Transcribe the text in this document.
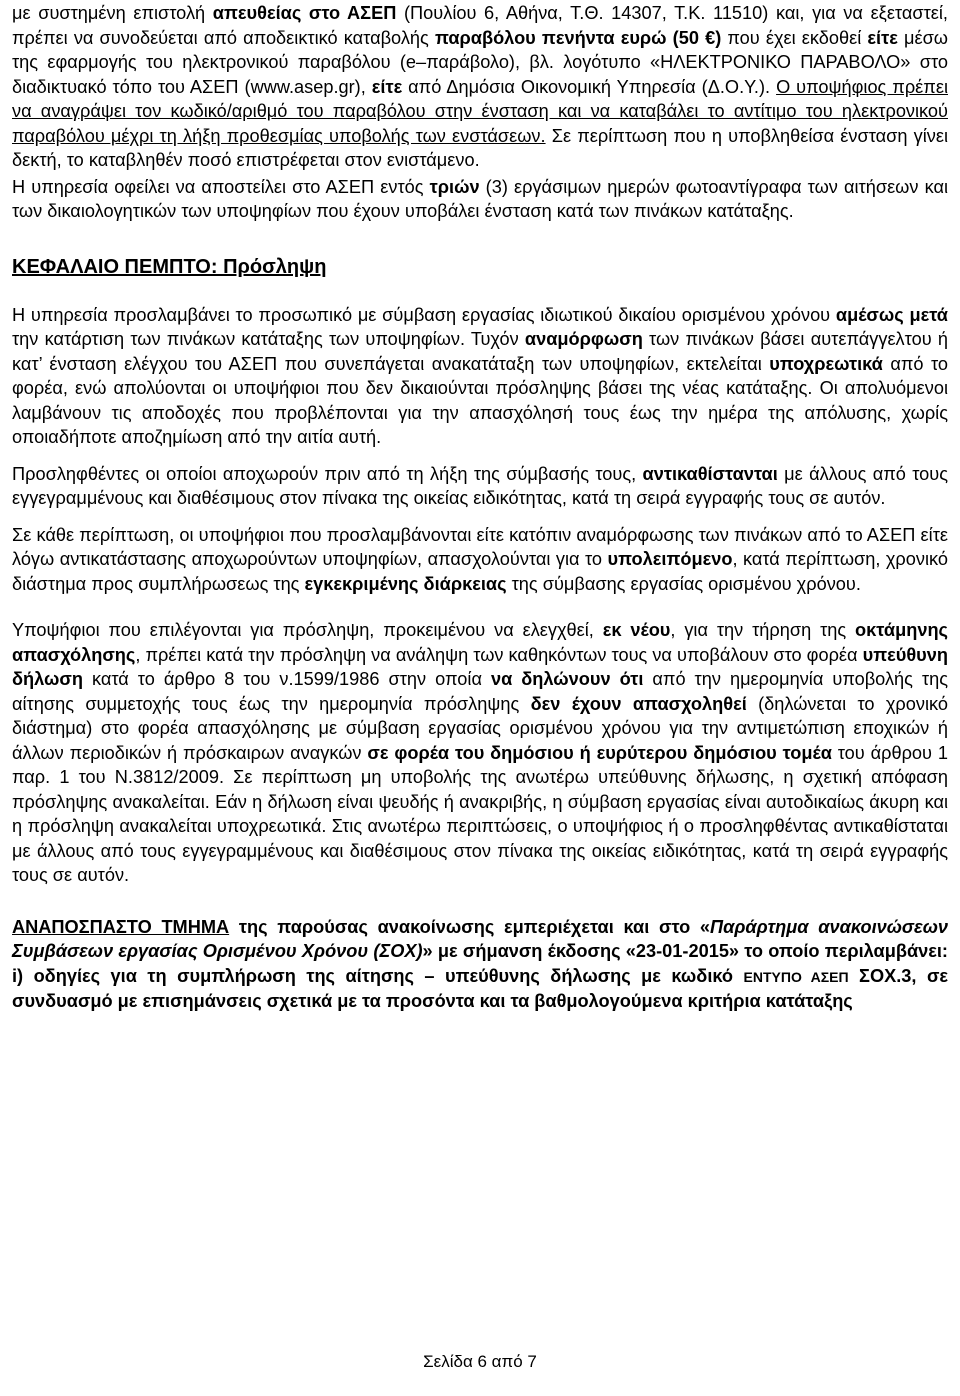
με συστημένη επιστολή απευθείας στο ΑΣΕΠ (Πουλίου 6, Αθήνα, Τ.Θ. 14307, Τ.Κ. 11510) και, για να εξεταστεί, πρέπει να συνοδεύεται από αποδεικτικό καταβολής παραβόλου πενήντα ευρώ (50 €) που έχει εκδοθεί είτε μέσω της εφαρμογής του ηλεκτρονικού παραβόλου (e–παράβολο), βλ. λογότυπο «ΗΛΕΚΤΡΟΝΙΚΟ ΠΑΡΑΒΟΛΟ» στο διαδικτυακό τόπο του ΑΣΕΠ (www.asep.gr), είτε από Δημόσια Οικονομική Υπηρεσία (Δ.Ο.Υ.). Ο υποψήφιος πρέπει να αναγράψει τον κωδικό/αριθμό του παραβόλου στην ένσταση και να καταβάλει το αντίτιμο του ηλεκτρονικού παραβόλου μέχρι τη λήξη προθεσμίας υποβολής των ενστάσεων. Σε περίπτωση που η υποβληθείσα ένσταση γίνει δεκτή, το καταβληθέν ποσό επιστρέφεται στον ενιστάμενο.

Η υπηρεσία οφείλει να αποστείλει στο ΑΣΕΠ εντός τριών (3) εργάσιμων ημερών φωτοαντίγραφα των αιτήσεων και των δικαιολογητικών των υποψηφίων που έχουν υποβάλει ένσταση κατά των πινάκων κατάταξης.

ΚΕΦΑΛΑΙΟ ΠΕΜΠΤΟ: Πρόσληψη

Η υπηρεσία προσλαμβάνει το προσωπικό με σύμβαση εργασίας ιδιωτικού δικαίου ορισμένου χρόνου αμέσως μετά την κατάρτιση των πινάκων κατάταξης των υποψηφίων. Τυχόν αναμόρφωση των πινάκων βάσει αυτεπάγγελτου ή κατ’ ένσταση ελέγχου του ΑΣΕΠ που συνεπάγεται ανακατάταξη των υποψηφίων, εκτελείται υποχρεωτικά από το φορέα, ενώ απολύονται οι υποψήφιοι που δεν δικαιούνται πρόσληψης βάσει της νέας κατάταξης. Οι απολυόμενοι λαμβάνουν τις αποδοχές που προβλέπονται για την απασχόλησή τους έως την ημέρα της απόλυσης, χωρίς οποιαδήποτε αποζημίωση από την αιτία αυτή.

Προσληφθέντες οι οποίοι αποχωρούν πριν από τη λήξη της σύμβασής τους, αντικαθίστανται με άλλους από τους εγγεγραμμένους και διαθέσιμους στον πίνακα της οικείας ειδικότητας, κατά τη σειρά εγγραφής τους σε αυτόν.

Σε κάθε περίπτωση, οι υποψήφιοι που προσλαμβάνονται είτε κατόπιν αναμόρφωσης των πινάκων από το ΑΣΕΠ είτε λόγω αντικατάστασης αποχωρούντων υποψηφίων, απασχολούνται για το υπολειπόμενο, κατά περίπτωση, χρονικό διάστημα προς συμπλήρωσεως της εγκεκριμένης διάρκειας της σύμβασης εργασίας ορισμένου χρόνου.

Υποψήφιοι που επιλέγονται για πρόσληψη, προκειμένου να ελεγχθεί, εκ νέου, για την τήρηση της οκτάμηνης απασχόλησης, πρέπει κατά την πρόσληψη να ανάληψη των καθηκόντων τους να υποβάλουν στο φορέα υπεύθυνη δήλωση κατά το άρθρο 8 του ν.1599/1986 στην οποία να δηλώνουν ότι από την ημερομηνία υποβολής της αίτησης συμμετοχής τους έως την ημερομηνία πρόσληψης δεν έχουν απασχοληθεί (δηλώνεται το χρονικό διάστημα) στο φορέα απασχόλησης με σύμβαση εργασίας ορισμένου χρόνου για την αντιμετώπιση εποχικών ή άλλων περιοδικών ή πρόσκαιρων αναγκών σε φορέα του δημόσιου ή ευρύτερου δημόσιου τομέα του άρθρου 1 παρ. 1 του Ν.3812/2009. Σε περίπτωση μη υποβολής της ανωτέρω υπεύθυνης δήλωσης, η σχετική απόφαση πρόσληψης ανακαλείται. Εάν η δήλωση είναι ψευδής ή ανακριβής, η σύμβαση εργασίας είναι αυτοδικαίως άκυρη και η πρόσληψη ανακαλείται υποχρεωτικά. Στις ανωτέρω περιπτώσεις, ο υποψήφιος ή ο προσληφθέντας αντικαθίσταται με άλλους από τους εγγεγραμμένους και διαθέσιμους στον πίνακα της οικείας ειδικότητας, κατά τη σειρά εγγραφής τους σε αυτόν.

ΑΝΑΠΟΣΠΑΣΤΟ ΤΜΗΜΑ της παρούσας ανακοίνωσης εμπεριέχεται και στο «Παράρτημα ανακοινώσεων Συμβάσεων εργασίας Ορισμένου Χρόνου (ΣΟΧ)» με σήμανση έκδοσης «23-01-2015» το οποίο περιλαμβάνει: i) οδηγίες για τη συμπλήρωση της αίτησης – υπεύθυνης δήλωσης με κωδικό ΕΝΤΥΠΟ ΑΣΕΠ ΣΟΧ.3, σε συνδυασμό με επισημάνσεις σχετικά με τα προσόντα και τα βαθμολογούμενα κριτήρια κατάταξης

Σελίδα 6 από 7
